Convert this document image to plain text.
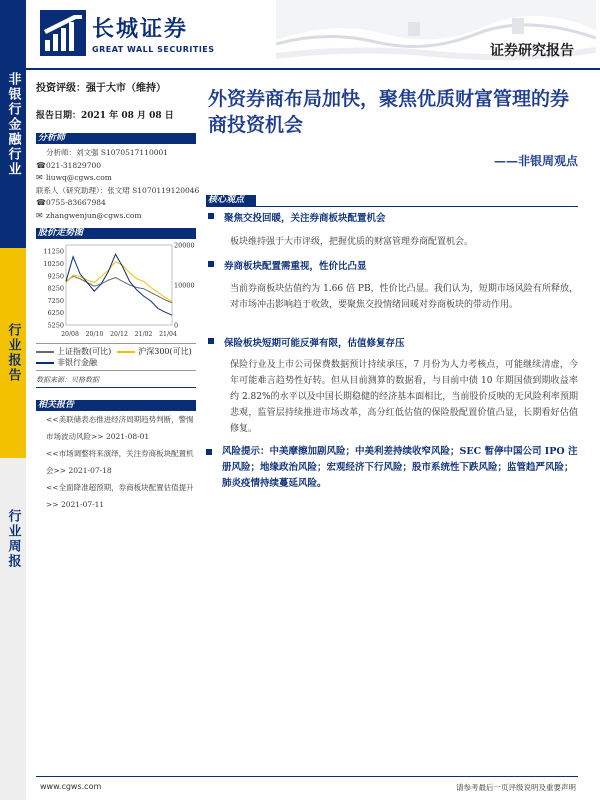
非银行金融行业
行业报告
行业周报
长城证券
GREAT WALL SECURITIES	证券研究报告
投资评级：强于大市（维持）
报告日期：2021 年 08 月 08 日
分析师
分析师：刘文强 S1070517110001
☎ 021-31829700
✉ liuwq@cgws.com
联系人（研究助理）：张文珺 S1070119120046
☎ 0755-83667984
✉ zhangwenjun@cgws.com
股价走势图
11250
10250
9250
8250
7250
6250
5250
20000
10000
0
20/08 20/10 20/12 21/02 21/04
上证指数(可比)	沪深300(可比)
非银行金融
数据来源：贝格数据
相关报告
<<美联储表态推进经济周期趋势判断，警惕市场波动风险>> 2021-08-01
<<市场调整将来演绎，关注券商板块配置机会>> 2021-07-18
<<全面降准超预期，券商板块配置估值提升>> 2021-07-11
外资券商布局加快，聚焦优质财富管理的券商投资机会
——非银周观点
核心观点
聚焦交投回暖，关注券商板块配置机会
板块维持强于大市评级，把握优质的财富管理券商配置机会。
券商板块配置需重视，性价比凸显
当前券商板块估值约为 1.66 倍 PB，性价比凸显。我们认为，短期市场风险有所释放，对市场冲击影响趋于收敛，要聚焦交投情绪回暖对券商板块的带动作用。
保险板块短期可能反弹有限，估值修复存压
保险行业及上市公司保费数据预计持续承压，7 月份为人力考核点，可能继续清虚，今年可能难言趋势性好转。但从目前测算的数据看，与目前中债 10 年期国债到期收益率约 2.82%的水平以及中国长期稳健的经济基本面相比，当前股价反映的无风险利率预期悲观，监管层持续推进市场改革，高分红低估值的保险股配置价值凸显，长期看好估值修复。
风险提示：中美摩擦加剧风险；中美利差持续收窄风险；SEC 暂停中国公司 IPO 注册风险；地缘政治风险；宏观经济下行风险；股市系统性下跌风险；监管趋严风险；肺炎疫情持续蔓延风险。
www.cgws.com	请参考最后一页评级说明及重要声明
